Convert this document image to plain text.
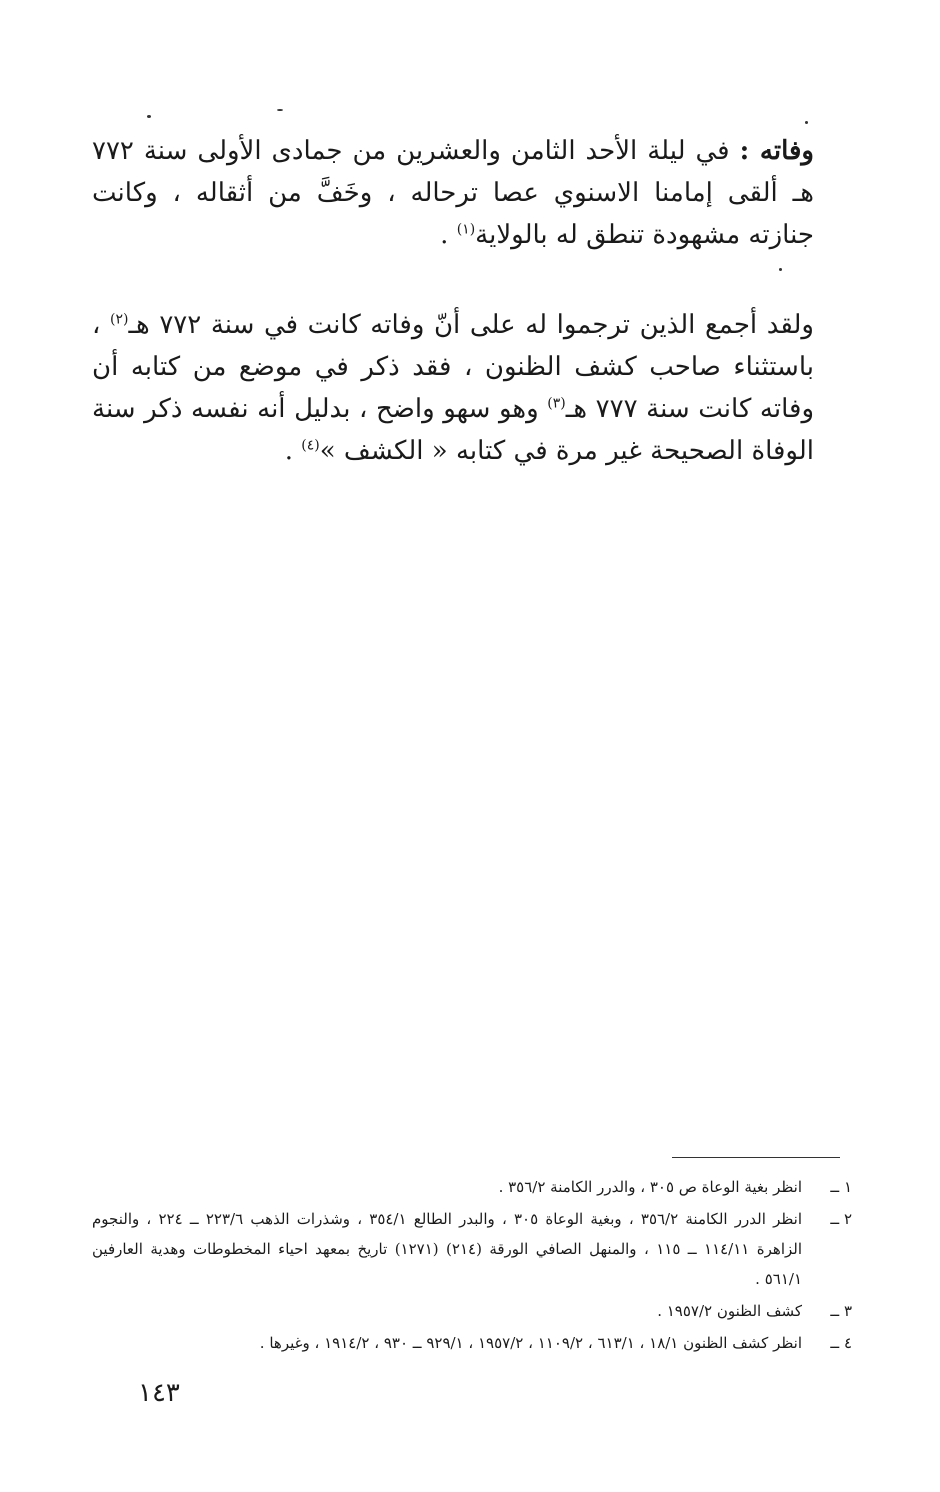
وفاته : في ليلة الأحد الثامن والعشرين من جمادى الأولى سنة ٧٧٢ هـ ألقى إمامنا الاسنوي عصا ترحاله ، وخَفَّ من أثقاله ، وكانت جنازته مشهودة تنطق له بالولاية$^{(١)}$ .
ولقد أجمع الذين ترجموا له على أنّ وفاته كانت في سنة ٧٧٢ هـ$^{(٢)}$ ، باستثناء صاحب كشف الظنون ، فقد ذكر في موضع من كتابه أن وفاته كانت سنة ٧٧٧ هـ$^{(٣)}$ وهو سهو واضح ، بدليل أنه نفسه ذكر سنة الوفاة الصحيحة غير مرة في كتابه « الكشف »$^{(٤)}$ .
١ ــ
انظر بغية الوعاة ص ٣٠٥ ، والدرر الكامنة ٣٥٦/٢ .
٢ ــ
انظر الدرر الكامنة ٣٥٦/٢ ، وبغية الوعاة ٣٠٥ ، والبدر الطالع ٣٥٤/١ ، وشذرات الذهب ٢٢٣/٦ ــ ٢٢٤ ، والنجوم الزاهرة ١١٤/١١ ــ ١١٥ ، والمنهل الصافي الورقة (٢١٤) (١٢٧١) تاريخ بمعهد احياء المخطوطات وهدية العارفين ٥٦١/١ .
٣ ــ
كشف الظنون ١٩٥٧/٢ .
٤ ــ
انظر كشف الظنون ١٨/١ ، ٦١٣/١ ، ١١٠٩/٢ ، ١٩٥٧/٢ ، ٩٢٩/١ ــ ٩٣٠ ، ١٩١٤/٢ ، وغيرها .
١٤٣
